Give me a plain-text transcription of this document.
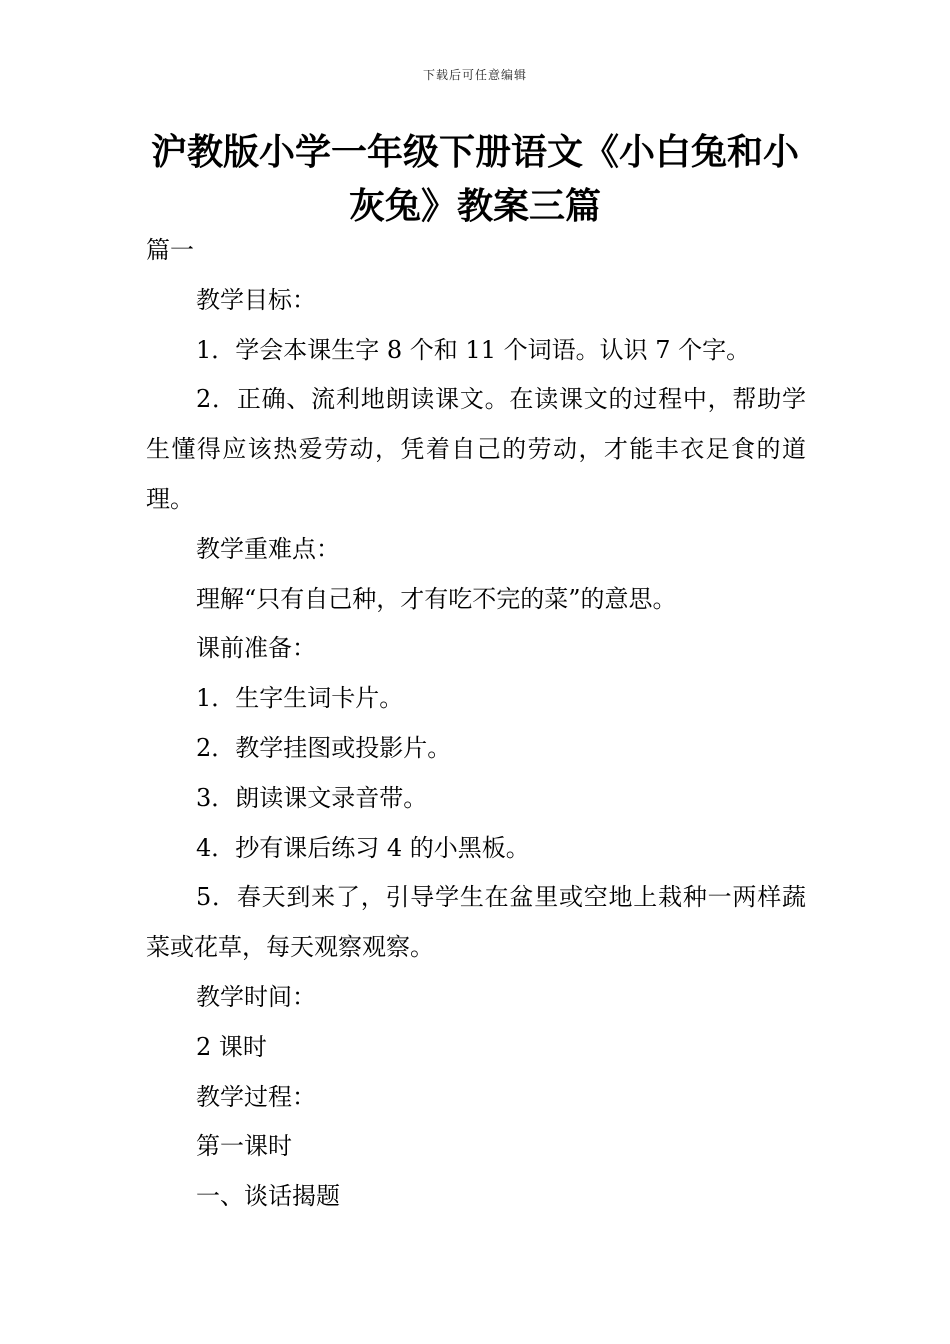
下载后可任意编辑
沪教版小学一年级下册语文《小白兔和小灰兔》教案三篇

篇一

教学目标：

1．学会本课生字 8 个和 11 个词语。认识 7 个字。

2．正确、流利地朗读课文。在读课文的过程中，帮助学生懂得应该热爱劳动，凭着自己的劳动，才能丰衣足食的道理。

教学重难点：

理解“只有自己种，才有吃不完的菜”的意思。

课前准备：

1．生字生词卡片。

2．教学挂图或投影片。

3．朗读课文录音带。

4．抄有课后练习 4 的小黑板。

5．春天到来了，引导学生在盆里或空地上栽种一两样蔬菜或花草，每天观察观察。

教学时间：

2 课时

教学过程：

第一课时

一、谈话揭题
